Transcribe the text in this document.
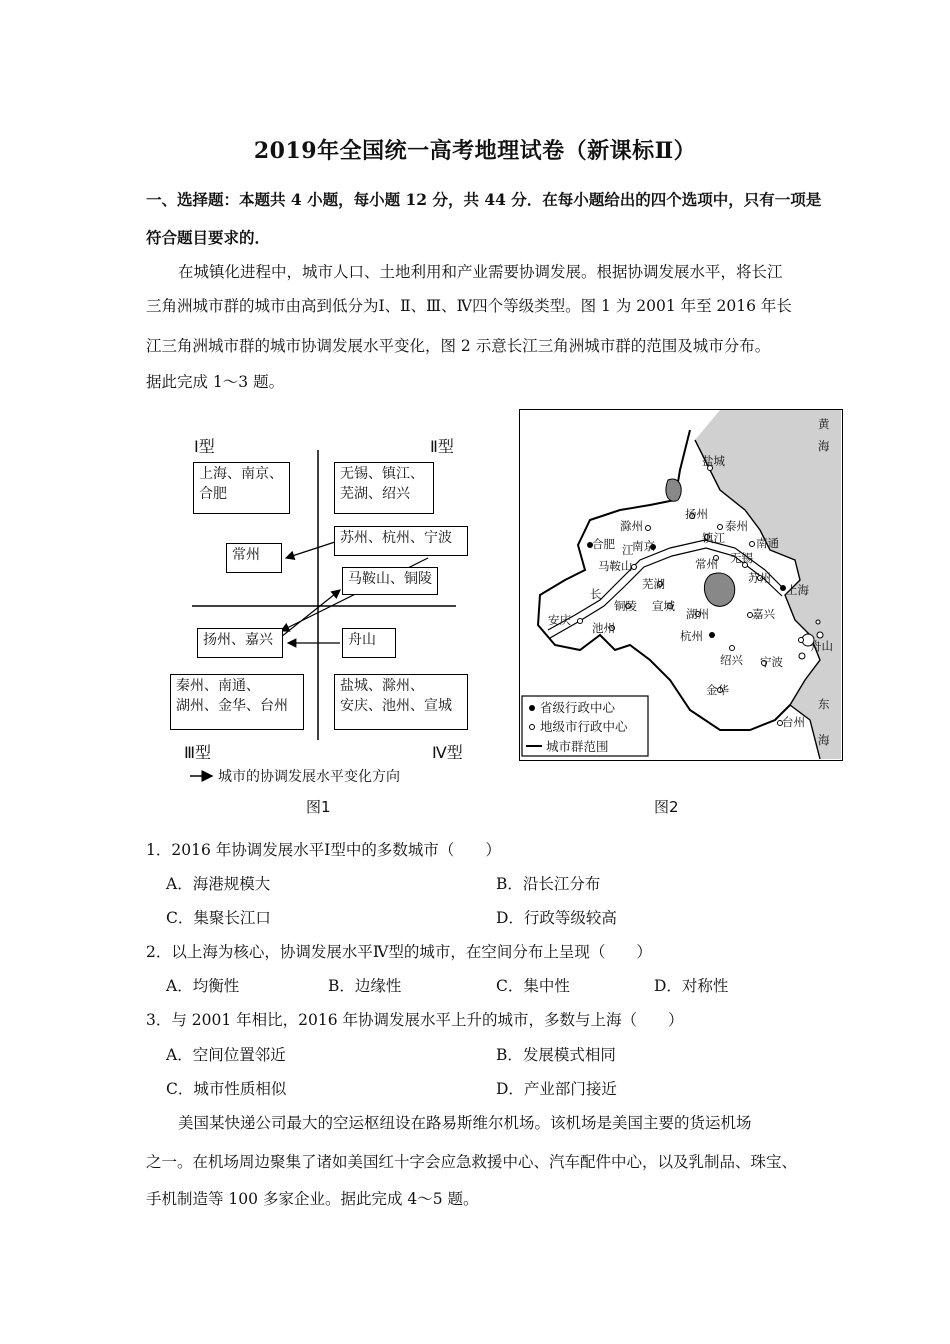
2019年全国统一高考地理试卷（新课标Ⅱ）
一、选择题：本题共 4 小题，每小题 12 分，共 44 分．在每小题给出的四个选项中，只有一项是
符合题目要求的．
在城镇化进程中，城市人口、土地利用和产业需要协调发展。根据协调发展水平，将长江
三角洲城市群的城市由高到低分为Ⅰ、Ⅱ、Ⅲ、Ⅳ四个等级类型。图 1 为 2001 年至 2016 年长
江三角洲城市群的城市协调发展水平变化，图 2 示意长江三角洲城市群的范围及城市分布。
据此完成 1～3 题。
Ⅰ型	Ⅱ型
Ⅲ型	Ⅳ型
上海、南京、
合肥
无锡、镇江、
芜湖、绍兴
苏州、杭州、宁波
常州
马鞍山、铜陵
扬州、嘉兴	舟山
秦州、南通、
湖州、金华、台州
盐城、滁州、
安庆、池州、宣城
城市的协调发展水平变化方向
图1
黄
海
东
海
盐城
扬州
泰州
滁州
合肥 南京
镇江	南通
马鞍山	常州 无锡
苏州
上海
芜湖
铜陵 宣城
湖州	嘉兴
安庆
池州
杭州
绍兴 宁波
舟山
金华
台州
江
长
省级行政中心
地级市行政中心
城市群范围
图2
1．2016 年协调发展水平Ⅰ型中的多数城市（　　）
A．海港规模大	B．沿长江分布
C．集聚长江口	D．行政等级较高
2．以上海为核心，协调发展水平Ⅳ型的城市，在空间分布上呈现（　　）
A．均衡性	B．边缘性	C．集中性	D．对称性
3．与 2001 年相比，2016 年协调发展水平上升的城市，多数与上海（　　）
A．空间位置邻近	B．发展模式相同
C．城市性质相似	D．产业部门接近
美国某快递公司最大的空运枢纽设在路易斯维尔机场。该机场是美国主要的货运机场
之一。在机场周边聚集了诸如美国红十字会应急救援中心、汽车配件中心，以及乳制品、珠宝、
手机制造等 100 多家企业。据此完成 4～5 题。
